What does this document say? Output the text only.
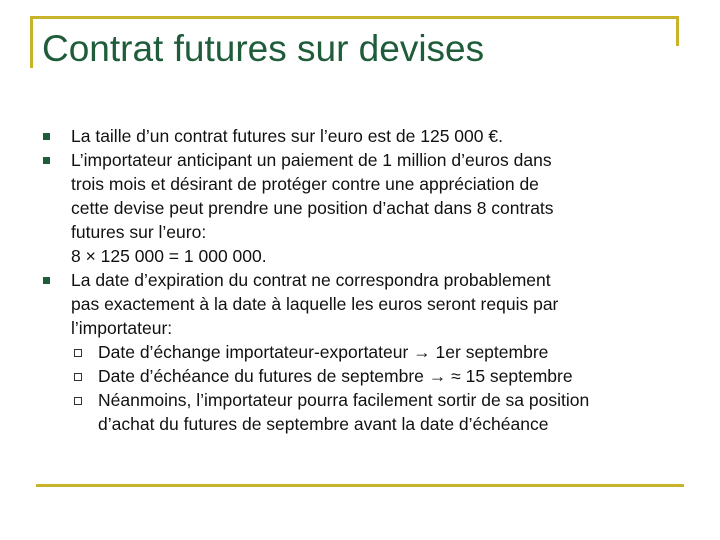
Contrat futures sur devises
La taille d’un contrat futures sur l’euro est de 125 000 €.
L’importateur anticipant un paiement de 1 million d’euros dans
trois mois et désirant de protéger contre une appréciation de
cette devise peut prendre une position d’achat dans 8 contrats
futures sur l’euro:
8 × 125 000 = 1 000 000.
La date d’expiration du contrat ne correspondra probablement
pas exactement à la date à laquelle les euros seront requis par
l’importateur:
Date d’échange importateur-exportateur → 1er septembre
Date d’échéance du futures de septembre → ≈ 15 septembre
Néanmoins, l’importateur pourra facilement sortir de sa position
d’achat du futures de septembre avant la date d’échéance
